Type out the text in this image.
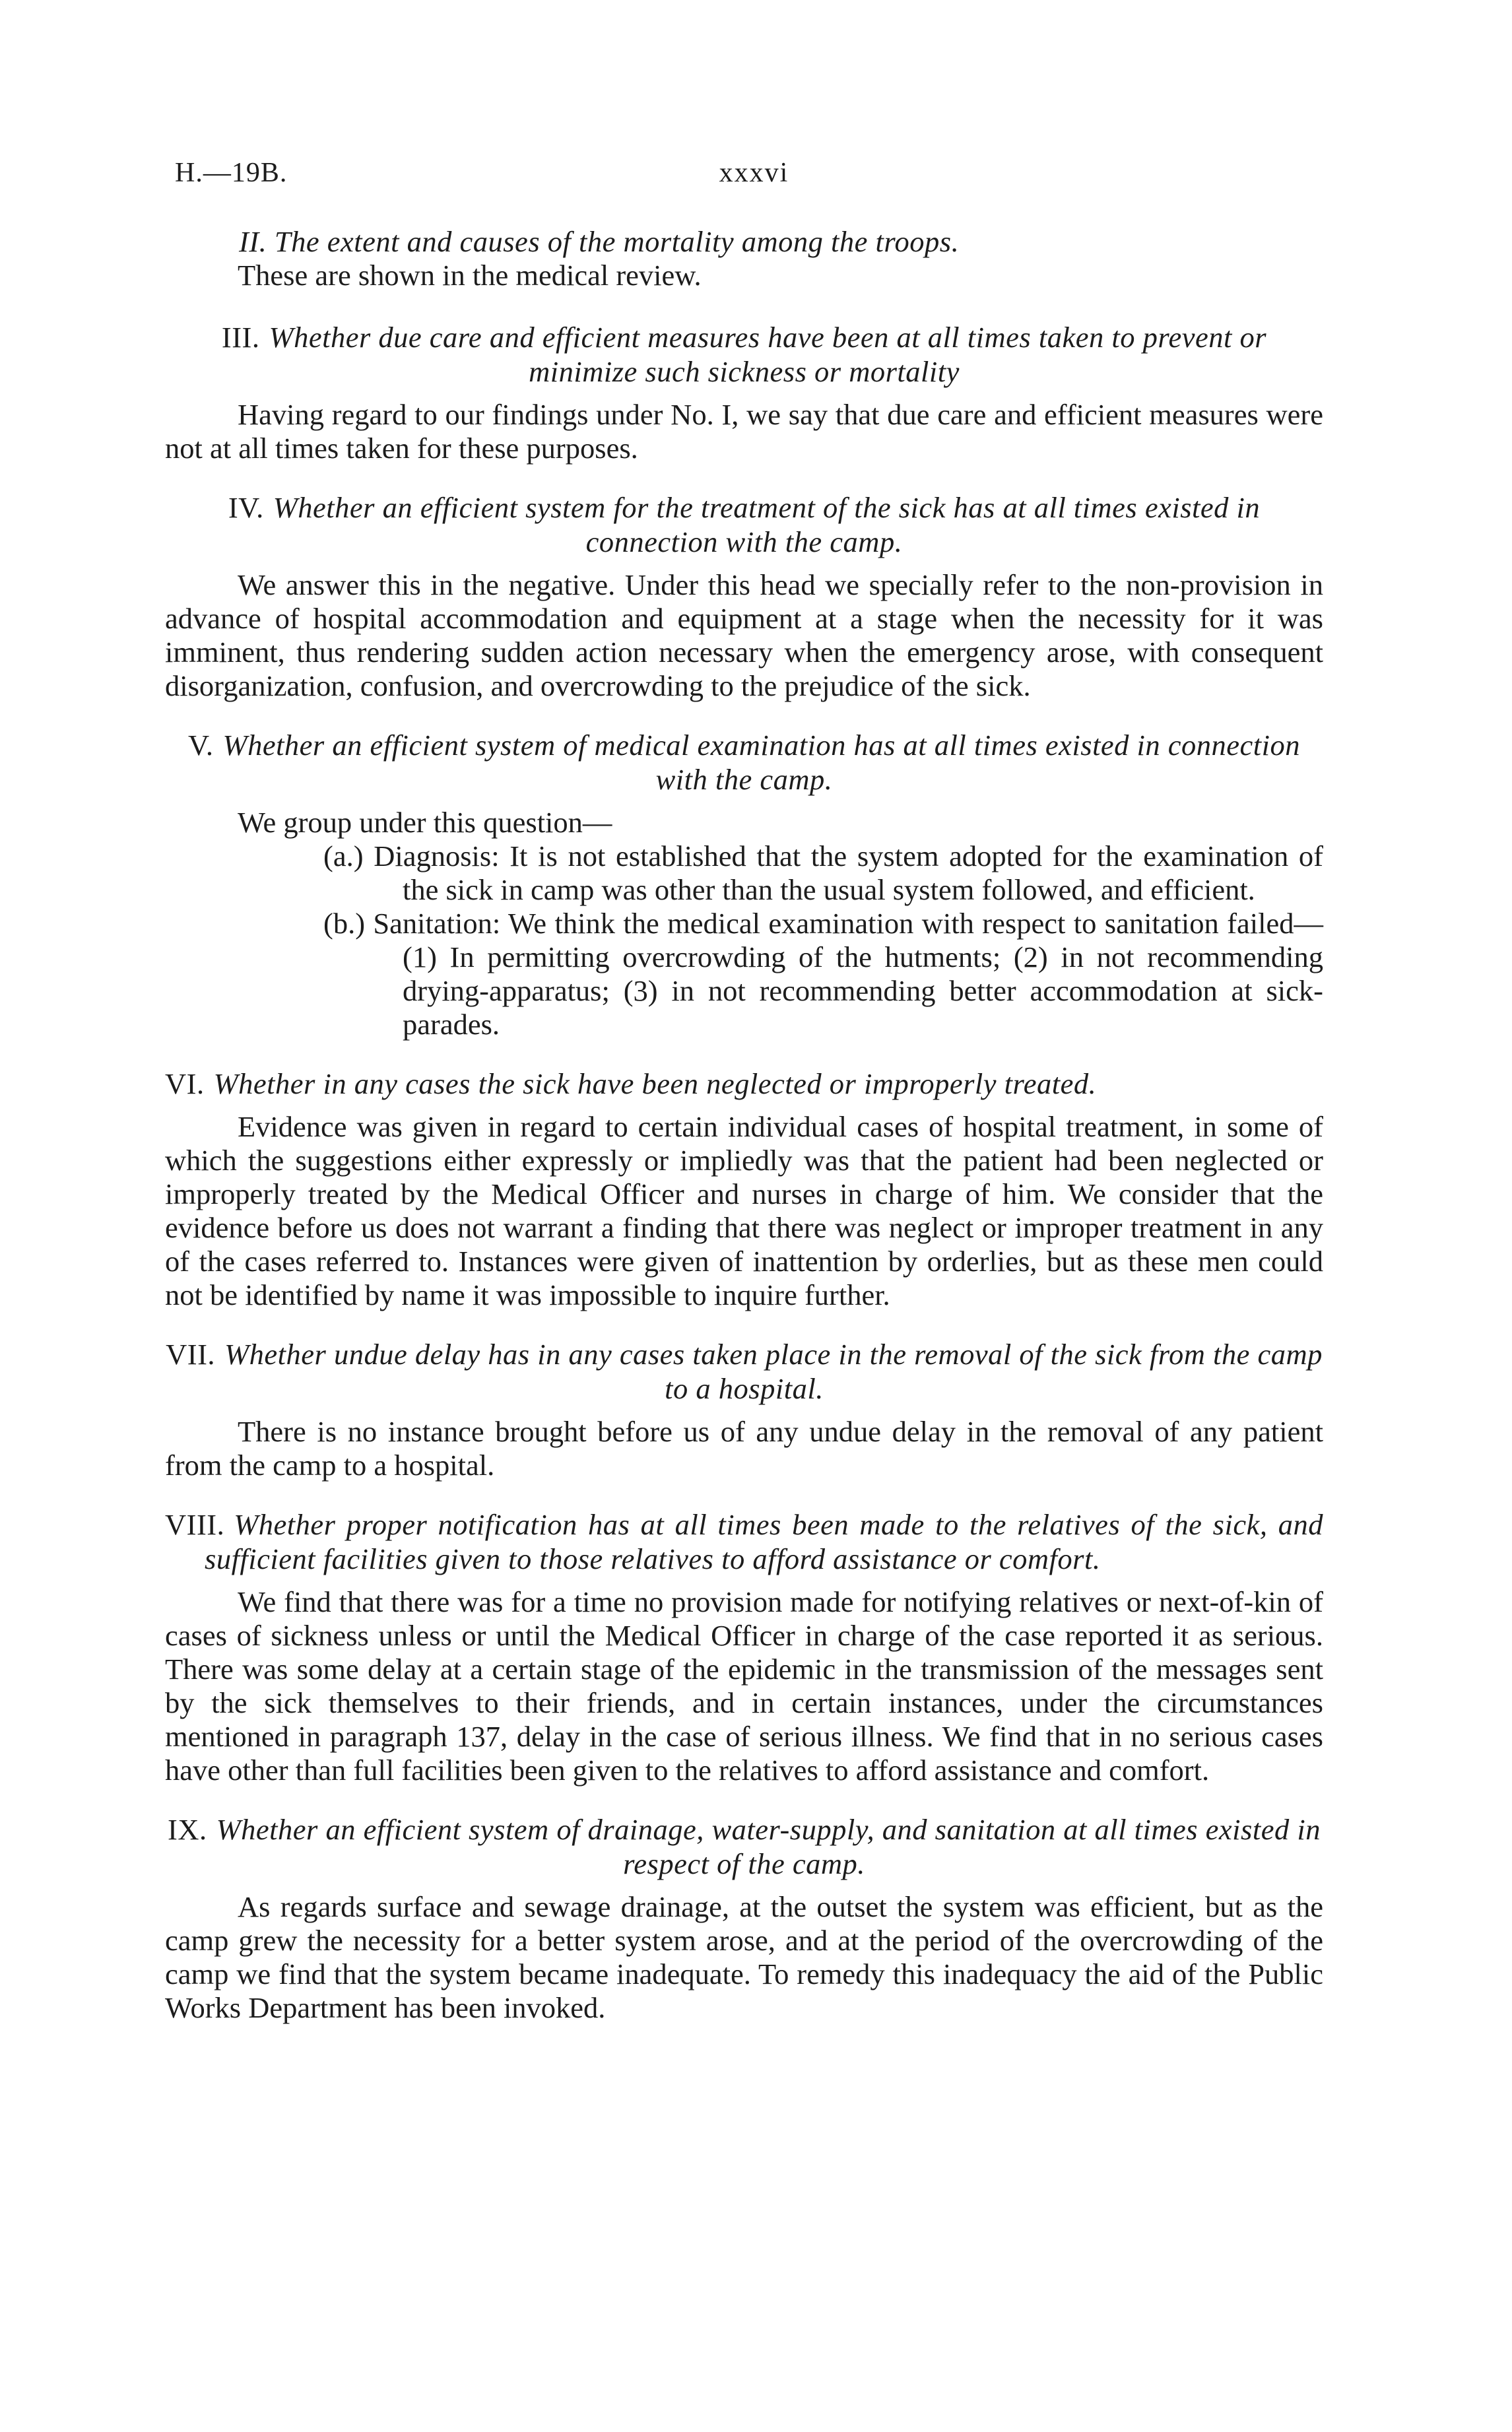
H.—19B.	xxxvi

II. The extent and causes of the mortality among the troops.

These are shown in the medical review.

III. Whether due care and efficient measures have been at all times taken to prevent or minimize such sickness or mortality

Having regard to our findings under No. I, we say that due care and efficient measures were not at all times taken for these purposes.

IV. Whether an efficient system for the treatment of the sick has at all times existed in connection with the camp.

We answer this in the negative. Under this head we specially refer to the non-provision in advance of hospital accommodation and equipment at a stage when the necessity for it was imminent, thus rendering sudden action necessary when the emergency arose, with consequent disorganization, confusion, and overcrowding to the prejudice of the sick.

V. Whether an efficient system of medical examination has at all times existed in connection with the camp.

We group under this question—

(a.) Diagnosis: It is not established that the system adopted for the examination of the sick in camp was other than the usual system followed, and efficient.

(b.) Sanitation: We think the medical examination with respect to sanitation failed—(1) In permitting overcrowding of the hutments; (2) in not recommending drying-apparatus; (3) in not recommending better accommodation at sick-parades.

VI. Whether in any cases the sick have been neglected or improperly treated.

Evidence was given in regard to certain individual cases of hospital treatment, in some of which the suggestions either expressly or impliedly was that the patient had been neglected or improperly treated by the Medical Officer and nurses in charge of him. We consider that the evidence before us does not warrant a finding that there was neglect or improper treatment in any of the cases referred to. Instances were given of inattention by orderlies, but as these men could not be identified by name it was impossible to inquire further.

VII. Whether undue delay has in any cases taken place in the removal of the sick from the camp to a hospital.

There is no instance brought before us of any undue delay in the removal of any patient from the camp to a hospital.

VIII. Whether proper notification has at all times been made to the relatives of the sick, and sufficient facilities given to those relatives to afford assistance or comfort.

We find that there was for a time no provision made for notifying relatives or next-of-kin of cases of sickness unless or until the Medical Officer in charge of the case reported it as serious. There was some delay at a certain stage of the epidemic in the transmission of the messages sent by the sick themselves to their friends, and in certain instances, under the circumstances mentioned in paragraph 137, delay in the case of serious illness. We find that in no serious cases have other than full facilities been given to the relatives to afford assistance and comfort.

IX. Whether an efficient system of drainage, water-supply, and sanitation at all times existed in respect of the camp.

As regards surface and sewage drainage, at the outset the system was efficient, but as the camp grew the necessity for a better system arose, and at the period of the overcrowding of the camp we find that the system became inadequate. To remedy this inadequacy the aid of the Public Works Department has been invoked.
